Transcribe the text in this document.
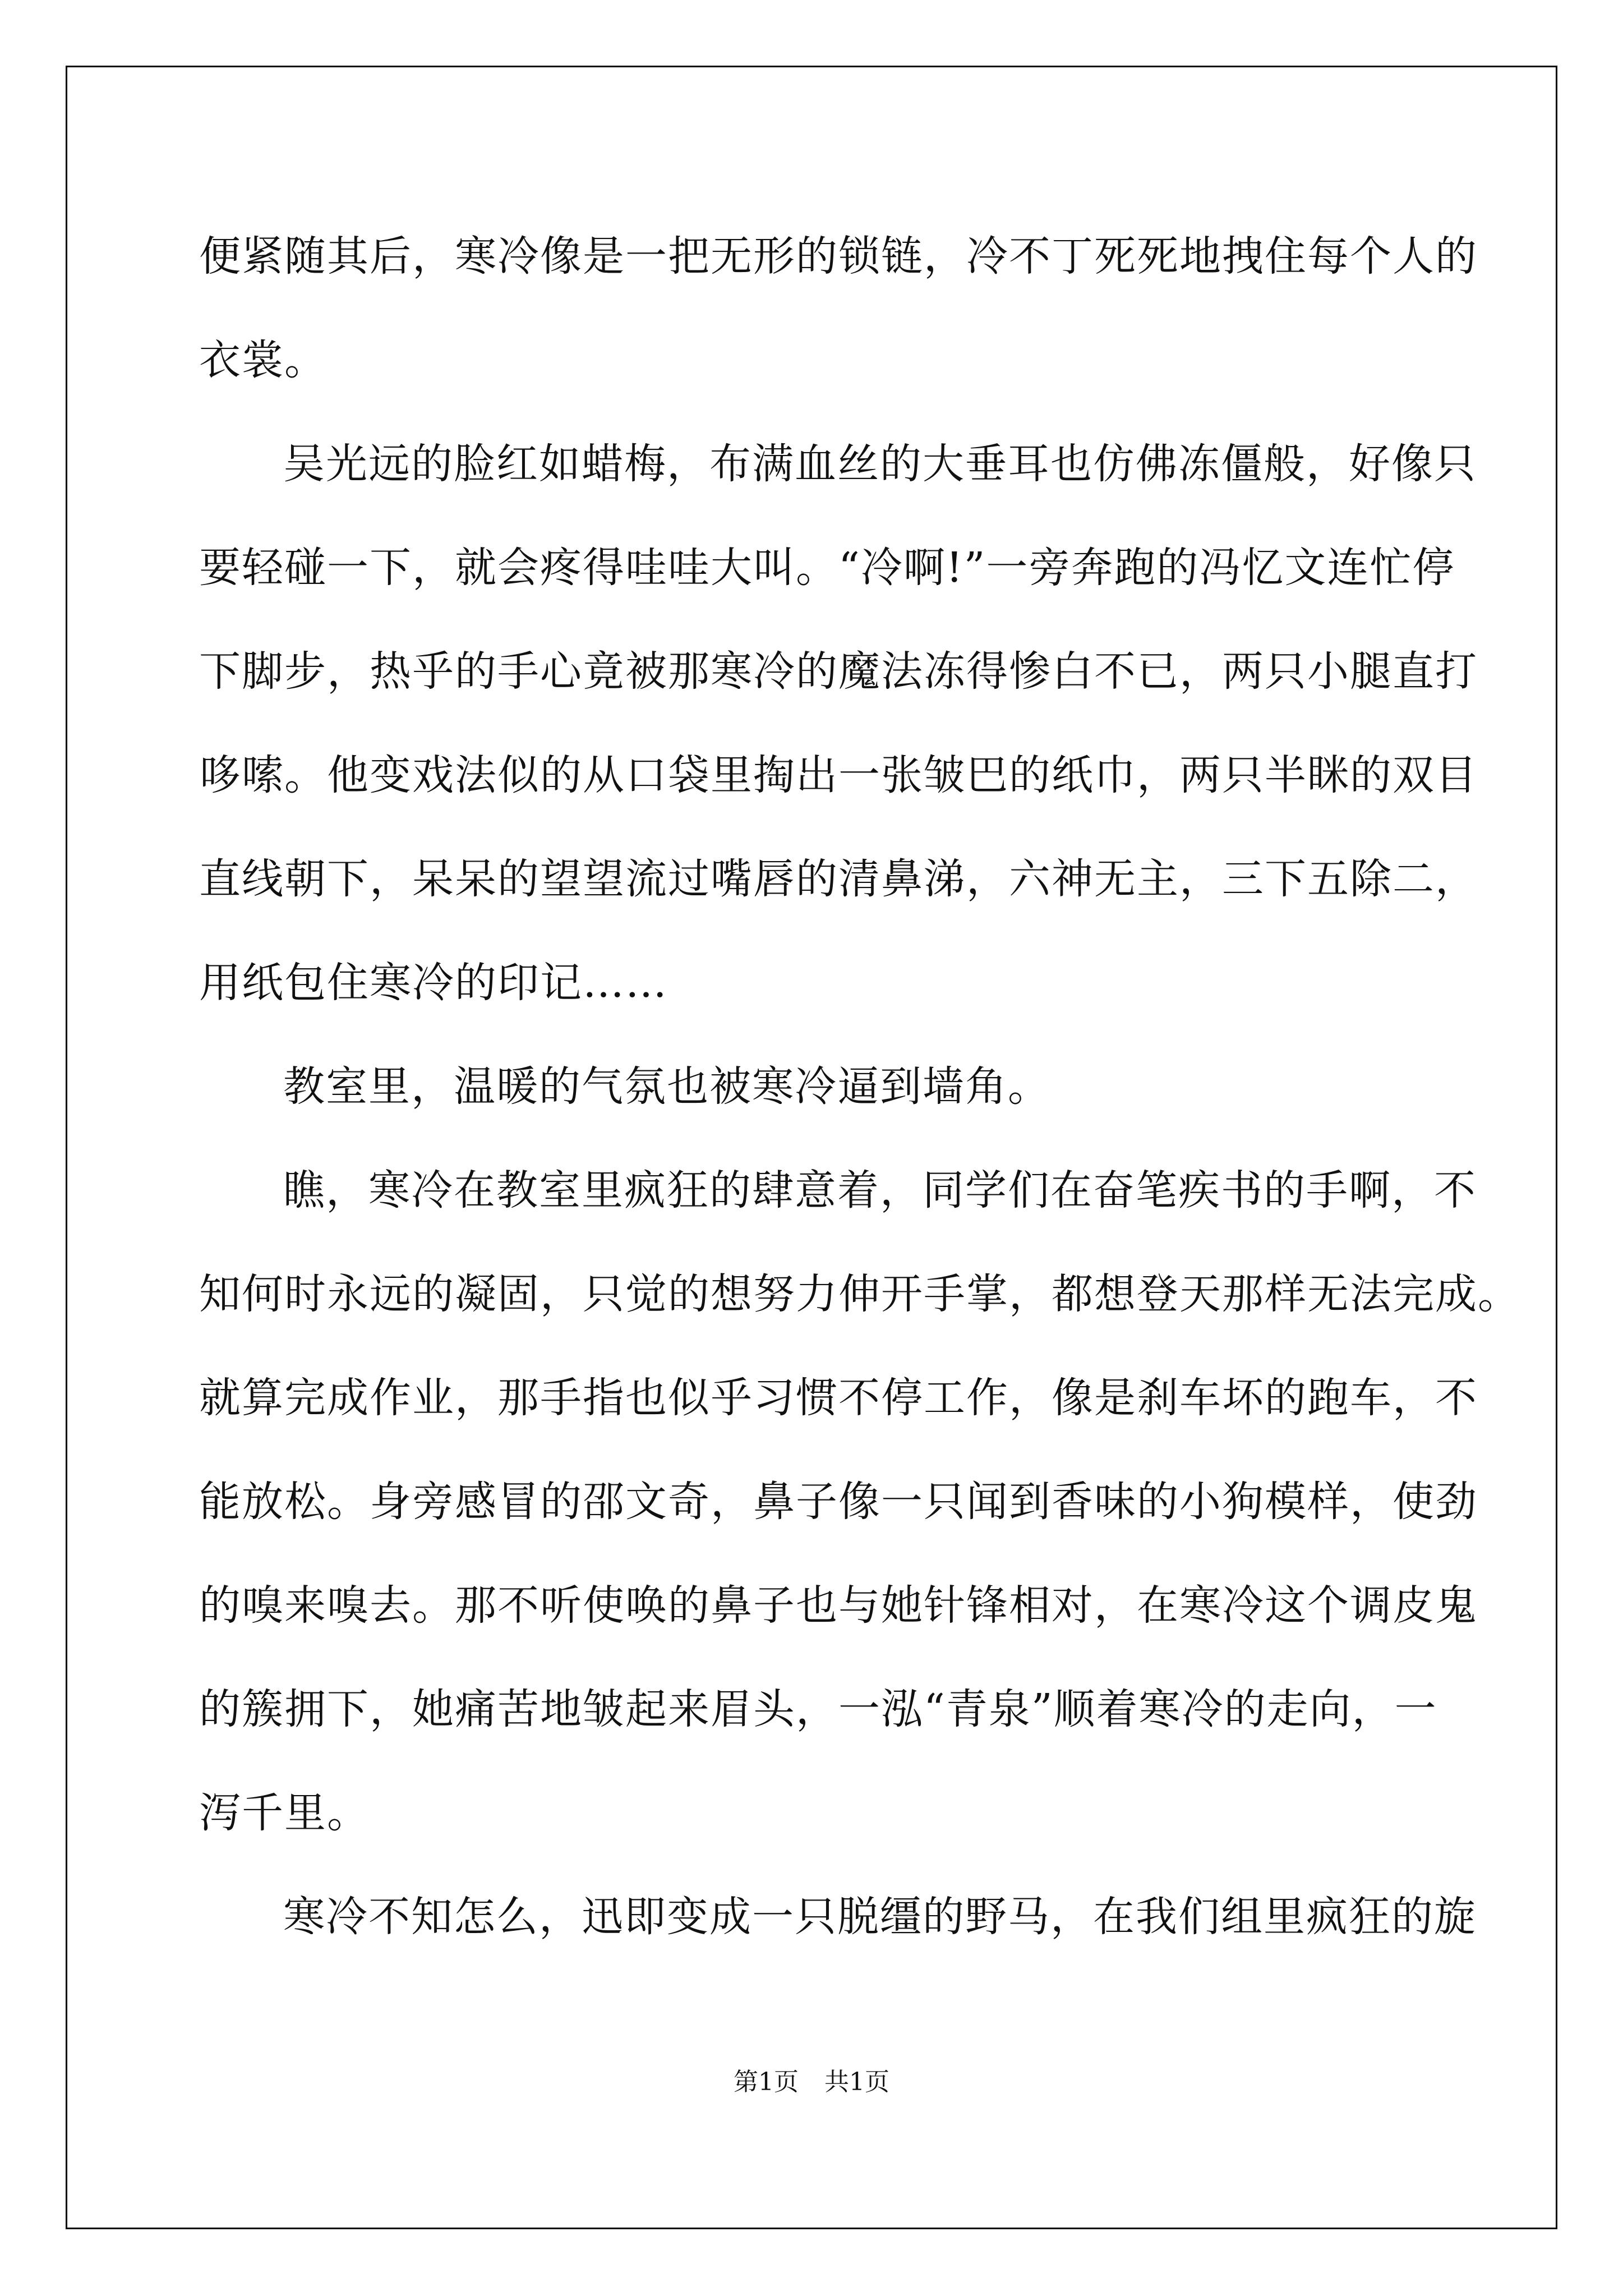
便紧随其后，寒冷像是一把无形的锁链，冷不丁死死地拽住每个人的
衣裳。

吴光远的脸红如蜡梅，布满血丝的大垂耳也仿佛冻僵般，好像只
要轻碰一下，就会疼得哇哇大叫。“冷啊!”一旁奔跑的冯忆文连忙停
下脚步，热乎的手心竟被那寒冷的魔法冻得惨白不已，两只小腿直打
哆嗦。他变戏法似的从口袋里掏出一张皱巴的纸巾，两只半眯的双目
直线朝下，呆呆的望望流过嘴唇的清鼻涕，六神无主，三下五除二，
用纸包住寒冷的印记……

教室里，温暖的气氛也被寒冷逼到墙角。

瞧，寒冷在教室里疯狂的肆意着，同学们在奋笔疾书的手啊，不
知何时永远的凝固，只觉的想努力伸开手掌，都想登天那样无法完成。
就算完成作业，那手指也似乎习惯不停工作，像是刹车坏的跑车，不
能放松。身旁感冒的邵文奇，鼻子像一只闻到香味的小狗模样，使劲
的嗅来嗅去。那不听使唤的鼻子也与她针锋相对，在寒冷这个调皮鬼
的簇拥下，她痛苦地皱起来眉头，一泓“青泉”顺着寒冷的走向，一
泻千里。

寒冷不知怎么，迅即变成一只脱缰的野马，在我们组里疯狂的旋

第1页 共1页
